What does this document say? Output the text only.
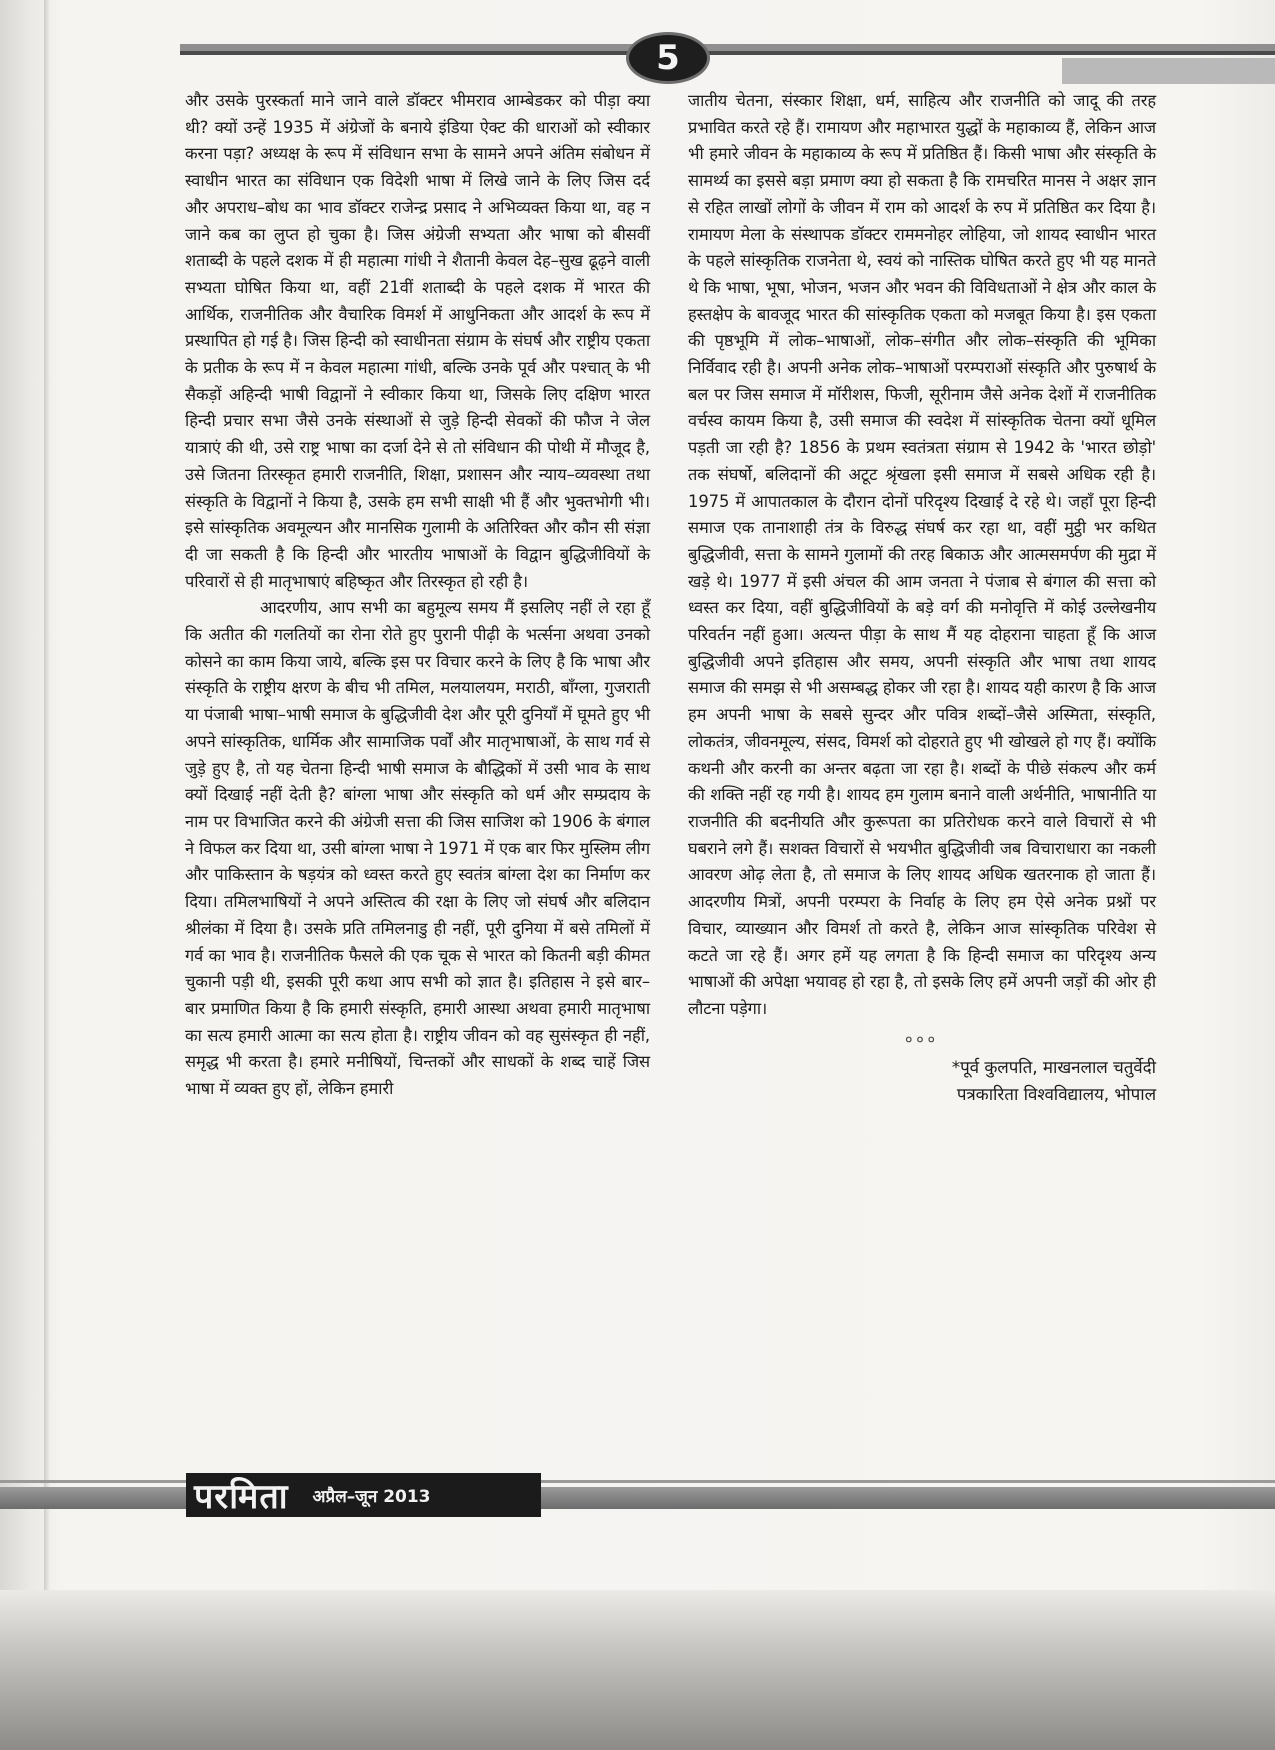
5

और उसके पुरस्कर्ता माने जाने वाले डॉक्टर भीमराव आम्बेडकर को पीड़ा क्या थी? क्यों उन्हें 1935 में अंग्रेजों के बनाये इंडिया ऐक्ट की धाराओं को स्वीकार करना पड़ा? अध्यक्ष के रूप में संविधान सभा के सामने अपने अंतिम संबोधन में स्वाधीन भारत का संविधान एक विदेशी भाषा में लिखे जाने के लिए जिस दर्द और अपराध–बोध का भाव डॉक्टर राजेन्द्र प्रसाद ने अभिव्यक्त किया था, वह न जाने कब का लुप्त हो चुका है। जिस अंग्रेजी सभ्यता और भाषा को बीसवीं शताब्दी के पहले दशक में ही महात्मा गांधी ने शैतानी केवल देह–सुख ढूढ़ने वाली सभ्यता घोषित किया था, वहीं 21वीं शताब्दी के पहले दशक में भारत की आर्थिक, राजनीतिक और वैचारिक विमर्श में आधुनिकता और आदर्श के रूप में प्रस्थापित हो गई है। जिस हिन्दी को स्वाधीनता संग्राम के संघर्ष और राष्ट्रीय एकता के प्रतीक के रूप में न केवल महात्मा गांधी, बल्कि उनके पूर्व और पश्चात् के भी सैकड़ों अहिन्दी भाषी विद्वानों ने स्वीकार किया था, जिसके लिए दक्षिण भारत हिन्दी प्रचार सभा जैसे उनके संस्थाओं से जुड़े हिन्दी सेवकों की फौज ने जेल यात्राएं की थी, उसे राष्ट्र भाषा का दर्जा देने से तो संविधान की पोथी में मौजूद है, उसे जितना तिरस्कृत हमारी राजनीति, शिक्षा, प्रशासन और न्याय–व्यवस्था तथा संस्कृति के विद्वानों ने किया है, उसके हम सभी साक्षी भी हैं और भुक्तभोगी भी। इसे सांस्कृतिक अवमूल्यन और मानसिक गुलामी के अतिरिक्त और कौन सी संज्ञा दी जा सकती है कि हिन्दी और भारतीय भाषाओं के विद्वान बुद्धिजीवियों के परिवारों से ही मातृभाषाएं बहिष्कृत और तिरस्कृत हो रही है।

आदरणीय, आप सभी का बहुमूल्य समय मैं इसलिए नहीं ले रहा हूँ कि अतीत की गलतियों का रोना रोते हुए पुरानी पीढ़ी के भर्त्सना अथवा उनको कोसने का काम किया जाये, बल्कि इस पर विचार करने के लिए है कि भाषा और संस्कृति के राष्ट्रीय क्षरण के बीच भी तमिल, मलयालयम, मराठी, बॉंग्ला, गुजराती या पंजाबी भाषा–भाषी समाज के बुद्धिजीवी देश और पूरी दुनियाँ में घूमते हुए भी अपने सांस्कृतिक, धार्मिक और सामाजिक पर्वों और मातृभाषाओं, के साथ गर्व से जुड़े हुए है, तो यह चेतना हिन्दी भाषी समाज के बौद्धिकों में उसी भाव के साथ क्यों दिखाई नहीं देती है? बांग्ला भाषा और संस्कृति को धर्म और सम्प्रदाय के नाम पर विभाजित करने की अंग्रेजी सत्ता की जिस साजिश को 1906 के बंगाल ने विफल कर दिया था, उसी बांग्ला भाषा ने 1971 में एक बार फिर मुस्लिम लीग और पाकिस्तान के षड़यंत्र को ध्वस्त करते हुए स्वतंत्र बांग्ला देश का निर्माण कर दिया। तमिलभाषियों ने अपने अस्तित्व की रक्षा के लिए जो संघर्ष और बलिदान श्रीलंका में दिया है। उसके प्रति तमिलनाडु ही नहीं, पूरी दुनिया में बसे तमिलों में गर्व का भाव है। राजनीतिक फैसले की एक चूक से भारत को कितनी बड़ी कीमत चुकानी पड़ी थी, इसकी पूरी कथा आप सभी को ज्ञात है। इतिहास ने इसे बार–बार प्रमाणित किया है कि हमारी संस्कृति, हमारी आस्था अथवा हमारी मातृभाषा का सत्य हमारी आत्मा का सत्य होता है। राष्ट्रीय जीवन को वह सुसंस्कृत ही नहीं, समृद्ध भी करता है। हमारे मनीषियों, चिन्तकों और साधकों के शब्द चाहें जिस भाषा में व्यक्त हुए हों, लेकिन हमारी

जातीय चेतना, संस्कार शिक्षा, धर्म, साहित्य और राजनीति को जादू की तरह प्रभावित करते रहे हैं। रामायण और महाभारत युद्धों के महाकाव्य हैं, लेकिन आज भी हमारे जीवन के महाकाव्य के रूप में प्रतिष्ठित हैं। किसी भाषा और संस्कृति के सामर्थ्य का इससे बड़ा प्रमाण क्या हो सकता है कि रामचरित मानस ने अक्षर ज्ञान से रहित लाखों लोगों के जीवन में राम को आदर्श के रुप में प्रतिष्ठित कर दिया है। रामायण मेला के संस्थापक डॉक्टर राममनोहर लोहिया, जो शायद स्वाधीन भारत के पहले सांस्कृतिक राजनेता थे, स्वयं को नास्तिक घोषित करते हुए भी यह मानते थे कि भाषा, भूषा, भोजन, भजन और भवन की विविधताओं ने क्षेत्र और काल के हस्तक्षेप के बावजूद भारत की सांस्कृतिक एकता को मजबूत किया है। इस एकता की पृष्ठभूमि में लोक–भाषाओं, लोक–संगीत और लोक–संस्कृति की भूमिका निर्विवाद रही है। अपनी अनेक लोक–भाषाओं परम्पराओं संस्कृति और पुरुषार्थ के बल पर जिस समाज में मॉरीशस, फिजी, सूरीनाम जैसे अनेक देशों में राजनीतिक वर्चस्व कायम किया है, उसी समाज की स्वदेश में सांस्कृतिक चेतना क्यों धूमिल पड़ती जा रही है? 1856 के प्रथम स्वतंत्रता संग्राम से 1942 के 'भारत छोड़ो' तक संघर्षो, बलिदानों की अटूट श्रृंखला इसी समाज में सबसे अधिक रही है। 1975 में आपातकाल के दौरान दोनों परिदृश्य दिखाई दे रहे थे। जहाँ पूरा हिन्दी समाज एक तानाशाही तंत्र के विरुद्ध संघर्ष कर रहा था, वहीं मुट्ठी भर कथित बुद्धिजीवी, सत्ता के सामने गुलामों की तरह बिकाऊ और आत्मसमर्पण की मुद्रा में खड़े थे। 1977 में इसी अंचल की आम जनता ने पंजाब से बंगाल की सत्ता को ध्वस्त कर दिया, वहीं बुद्धिजीवियों के बड़े वर्ग की मनोवृत्ति में कोई उल्लेखनीय परिवर्तन नहीं हुआ। अत्यन्त पीड़ा के साथ मैं यह दोहराना चाहता हूँ कि आज बुद्धिजीवी अपने इतिहास और समय, अपनी संस्कृति और भाषा तथा शायद समाज की समझ से भी असम्बद्ध होकर जी रहा है। शायद यही कारण है कि आज हम अपनी भाषा के सबसे सुन्दर और पवित्र शब्दों–जैसे अस्मिता, संस्कृति, लोकतंत्र, जीवनमूल्य, संसद, विमर्श को दोहराते हुए भी खोखले हो गए हैं। क्योंकि कथनी और करनी का अन्तर बढ़ता जा रहा है। शब्दों के पीछे संकल्प और कर्म की शक्ति नहीं रह गयी है। शायद हम गुलाम बनाने वाली अर्थनीति, भाषानीति या राजनीति की बदनीयति और कुरूपता का प्रतिरोधक करने वाले विचारों से भी घबराने लगे हैं। सशक्त विचारों से भयभीत बुद्धिजीवी जब विचाराधारा का नकली आवरण ओढ़ लेता है, तो समाज के लिए शायद अधिक खतरनाक हो जाता हैं। आदरणीय मित्रों, अपनी परम्परा के निर्वाह के लिए हम ऐसे अनेक प्रश्नों पर विचार, व्याख्यान और विमर्श तो करते है, लेकिन आज सांस्कृतिक परिवेश से कटते जा रहे हैं। अगर हमें यह लगता है कि हिन्दी समाज का परिदृश्य अन्य भाषाओं की अपेक्षा भयावह हो रहा है, तो इसके लिए हमें अपनी जड़ों की ओर ही लौटना पड़ेगा।

०००
*पूर्व कुलपति, माखनलाल चतुर्वेदी
पत्रकारिता विश्वविद्यालय, भोपाल
परमिता अप्रैल–जून 2013
